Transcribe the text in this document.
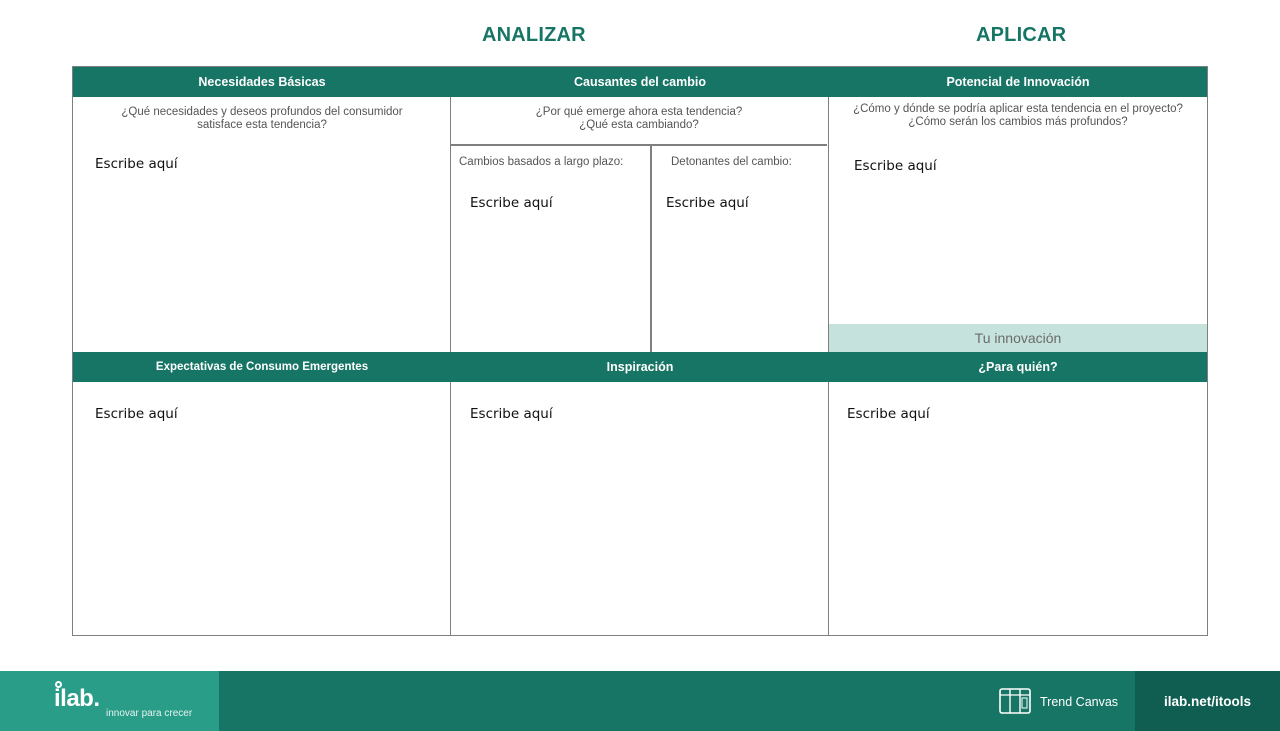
ANALIZAR	APLICAR
Necesidades Básicas	Causantes del cambio	Potencial de Innovación
¿Qué necesidades y deseos profundos del consumidor satisface esta tendencia?
Escribe aquí
¿Por qué emerge ahora esta tendencia?
¿Qué esta cambiando?
Cambios basados a largo plazo:
Escribe aquí
Detonantes del cambio:
Escribe aquí
¿Cómo y dónde se podría aplicar esta tendencia en el proyecto?
¿Cómo serán los cambios más profundos?
Escribe aquí
Tu innovación
Expectativas de Consumo Emergentes	Inspiración	¿Para quién?
Escribe aquí	Escribe aquí	Escribe aquí
ilab.
innovar para crecer
Trend Canvas	ilab.net/itools
